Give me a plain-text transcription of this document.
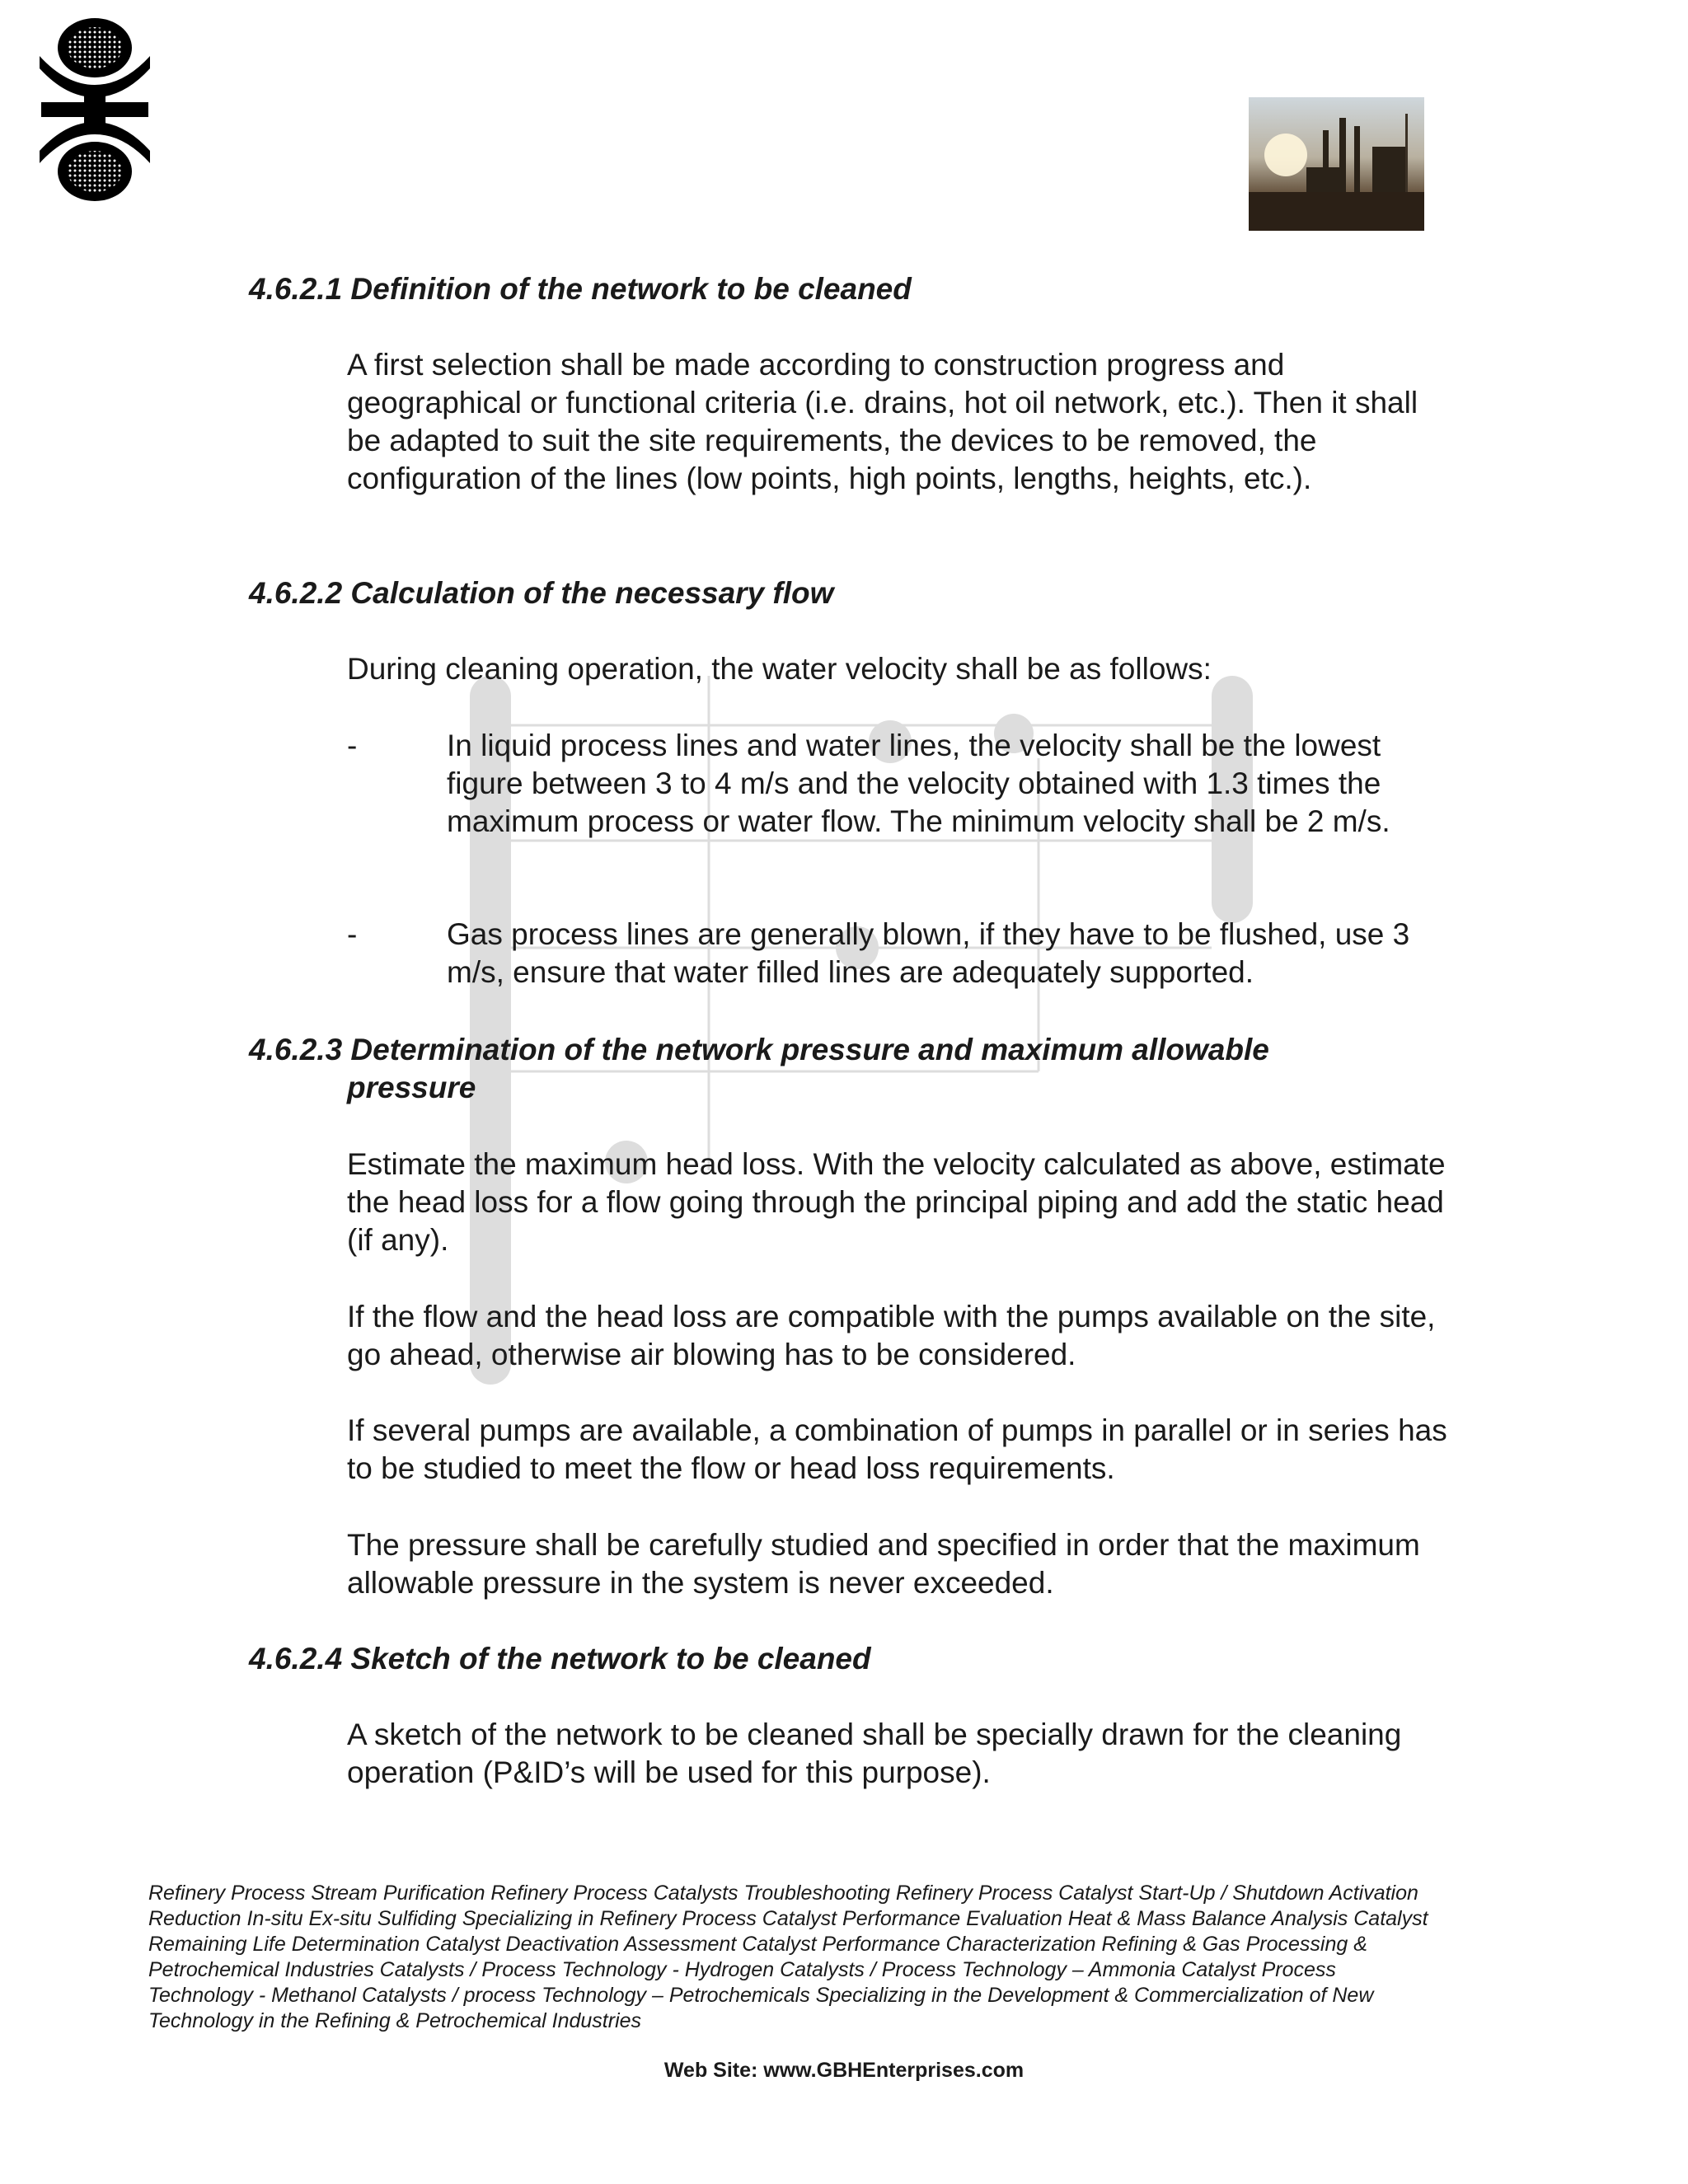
4.6.2.1 Definition of the network to be cleaned

A first selection shall be made according to construction progress and geographical or functional criteria (i.e. drains, hot oil network, etc.). Then it shall be adapted to suit the site requirements, the devices to be removed, the configuration of the lines (low points, high points, lengths, heights, etc.).

4.6.2.2 Calculation of the necessary flow

During cleaning operation, the water velocity shall be as follows:

-	In liquid process lines and water lines, the velocity shall be the lowest figure between 3 to 4 m/s and the velocity obtained with 1.3 times the maximum process or water flow. The minimum velocity shall be 2 m/s.

-	Gas process lines are generally blown, if they have to be flushed, use 3 m/s, ensure that water filled lines are adequately supported.

4.6.2.3 Determination of the network pressure and maximum allowable
pressure

Estimate the maximum head loss. With the velocity calculated as above, estimate the head loss for a flow going through the principal piping and add the static head (if any).

If the flow and the head loss are compatible with the pumps available on the site, go ahead, otherwise air blowing has to be considered.

If several pumps are available, a combination of pumps in parallel or in series has to be studied to meet the flow or head loss requirements.

The pressure shall be carefully studied and specified in order that the maximum allowable pressure in the system is never exceeded.

4.6.2.4 Sketch of the network to be cleaned

A sketch of the network to be cleaned shall be specially drawn for the cleaning operation (P&ID’s will be used for this purpose).

Refinery Process Stream Purification Refinery Process Catalysts Troubleshooting Refinery Process Catalyst Start-Up / Shutdown Activation Reduction In-situ Ex-situ Sulfiding Specializing in Refinery Process Catalyst Performance Evaluation Heat & Mass Balance Analysis Catalyst Remaining Life Determination Catalyst Deactivation Assessment Catalyst Performance Characterization Refining & Gas Processing & Petrochemical Industries Catalysts / Process Technology - Hydrogen Catalysts / Process Technology – Ammonia Catalyst Process Technology - Methanol Catalysts / process Technology – Petrochemicals Specializing in the Development & Commercialization of New Technology in the Refining & Petrochemical Industries

Web Site: www.GBHEnterprises.com
